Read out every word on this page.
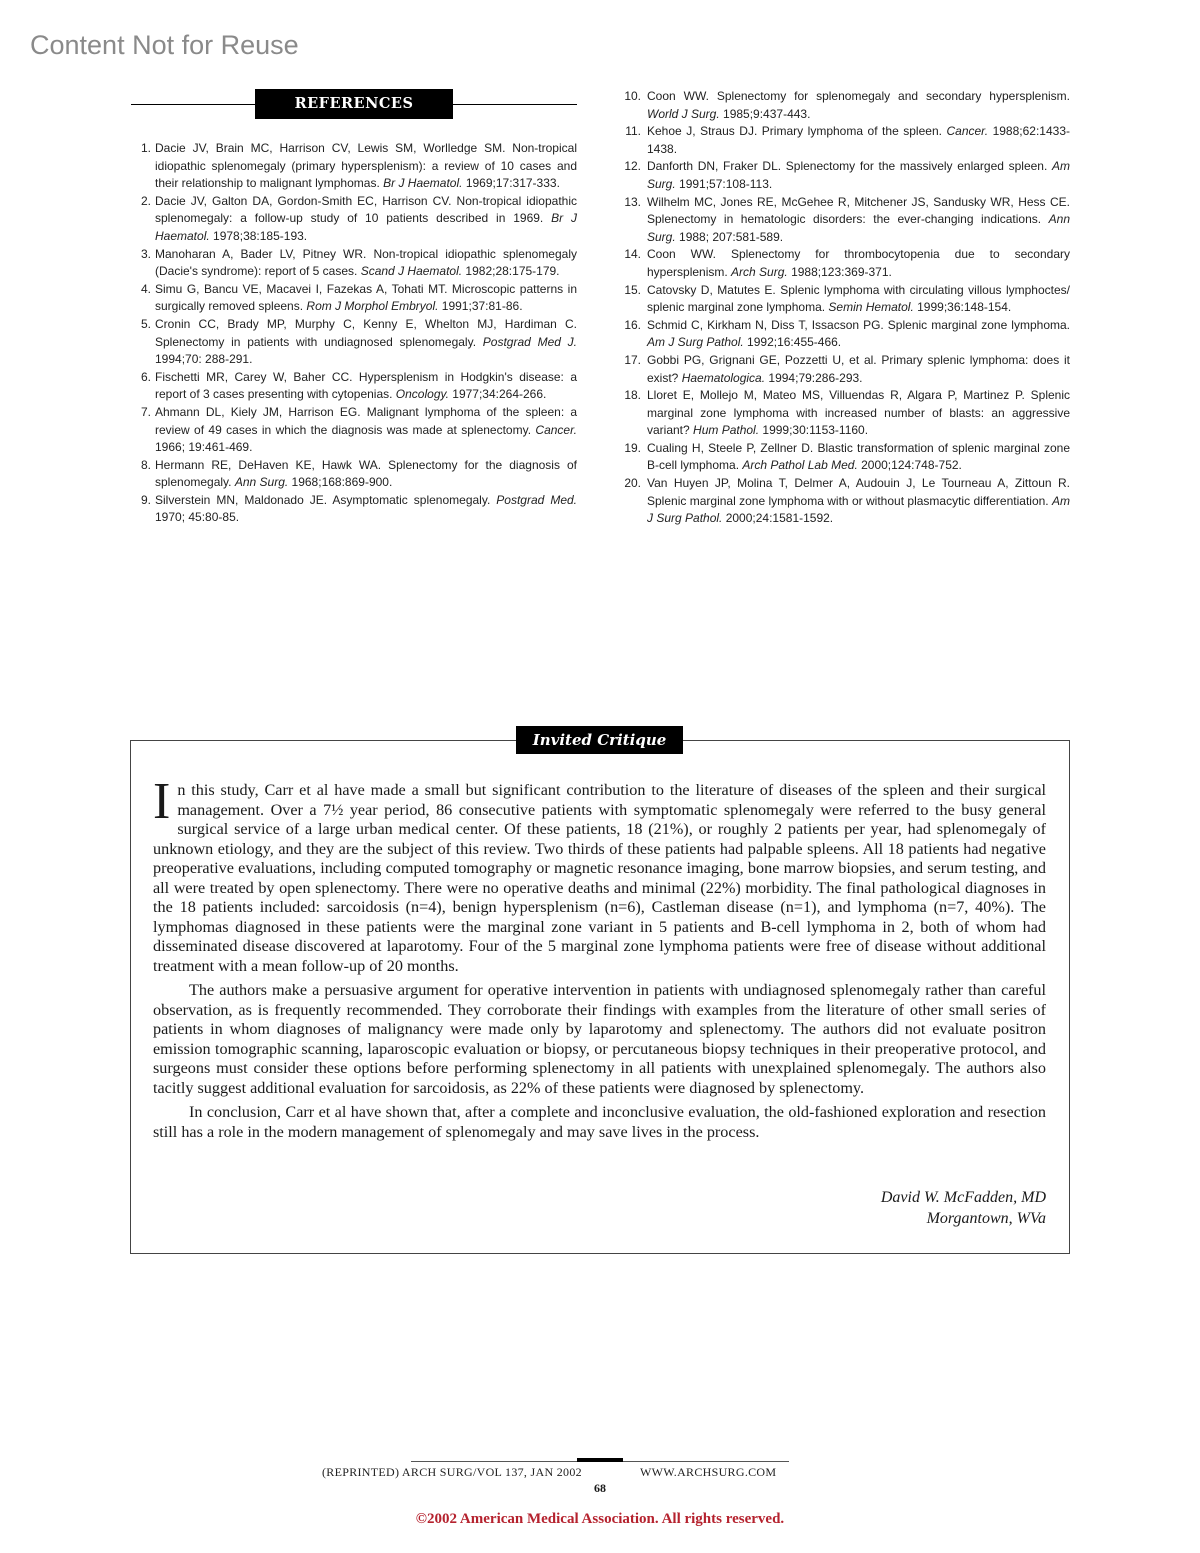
Content Not for Reuse
REFERENCES
1. Dacie JV, Brain MC, Harrison CV, Lewis SM, Worlledge SM. Non-tropical idiopathic splenomegaly (primary hypersplenism): a review of 10 cases and their relationship to malignant lymphomas. Br J Haematol. 1969;17:317-333.
2. Dacie JV, Galton DA, Gordon-Smith EC, Harrison CV. Non-tropical idiopathic splenomegaly: a follow-up study of 10 patients described in 1969. Br J Haematol. 1978;38:185-193.
3. Manoharan A, Bader LV, Pitney WR. Non-tropical idiopathic splenomegaly (Dacie's syndrome): report of 5 cases. Scand J Haematol. 1982;28:175-179.
4. Simu G, Bancu VE, Macavei I, Fazekas A, Tohati MT. Microscopic patterns in surgically removed spleens. Rom J Morphol Embryol. 1991;37:81-86.
5. Cronin CC, Brady MP, Murphy C, Kenny E, Whelton MJ, Hardiman C. Splenectomy in patients with undiagnosed splenomegaly. Postgrad Med J. 1994;70: 288-291.
6. Fischetti MR, Carey W, Baher CC. Hypersplenism in Hodgkin's disease: a report of 3 cases presenting with cytopenias. Oncology. 1977;34:264-266.
7. Ahmann DL, Kiely JM, Harrison EG. Malignant lymphoma of the spleen: a review of 49 cases in which the diagnosis was made at splenectomy. Cancer. 1966; 19:461-469.
8. Hermann RE, DeHaven KE, Hawk WA. Splenectomy for the diagnosis of splenomegaly. Ann Surg. 1968;168:869-900.
9. Silverstein MN, Maldonado JE. Asymptomatic splenomegaly. Postgrad Med. 1970; 45:80-85.
10. Coon WW. Splenectomy for splenomegaly and secondary hypersplenism. World J Surg. 1985;9:437-443.
11. Kehoe J, Straus DJ. Primary lymphoma of the spleen. Cancer. 1988;62:1433-1438.
12. Danforth DN, Fraker DL. Splenectomy for the massively enlarged spleen. Am Surg. 1991;57:108-113.
13. Wilhelm MC, Jones RE, McGehee R, Mitchener JS, Sandusky WR, Hess CE. Splenectomy in hematologic disorders: the ever-changing indications. Ann Surg. 1988; 207:581-589.
14. Coon WW. Splenectomy for thrombocytopenia due to secondary hypersplenism. Arch Surg. 1988;123:369-371.
15. Catovsky D, Matutes E. Splenic lymphoma with circulating villous lymphoctes/ splenic marginal zone lymphoma. Semin Hematol. 1999;36:148-154.
16. Schmid C, Kirkham N, Diss T, Issacson PG. Splenic marginal zone lymphoma. Am J Surg Pathol. 1992;16:455-466.
17. Gobbi PG, Grignani GE, Pozzetti U, et al. Primary splenic lymphoma: does it exist? Haematologica. 1994;79:286-293.
18. Lloret E, Mollejo M, Mateo MS, Villuendas R, Algara P, Martinez P. Splenic marginal zone lymphoma with increased number of blasts: an aggressive variant? Hum Pathol. 1999;30:1153-1160.
19. Cualing H, Steele P, Zellner D. Blastic transformation of splenic marginal zone B-cell lymphoma. Arch Pathol Lab Med. 2000;124:748-752.
20. Van Huyen JP, Molina T, Delmer A, Audouin J, Le Tourneau A, Zittoun R. Splenic marginal zone lymphoma with or without plasmacytic differentiation. Am J Surg Pathol. 2000;24:1581-1592.
Invited Critique

In this study, Carr et al have made a small but significant contribution to the literature of diseases of the spleen and their surgical management. Over a 7½ year period, 86 consecutive patients with symptomatic splenomegaly were referred to the busy general surgical service of a large urban medical center. Of these patients, 18 (21%), or roughly 2 patients per year, had splenomegaly of unknown etiology, and they are the subject of this review. Two thirds of these patients had palpable spleens. All 18 patients had negative preoperative evaluations, including computed tomography or magnetic resonance imaging, bone marrow biopsies, and serum testing, and all were treated by open splenectomy. There were no operative deaths and minimal (22%) morbidity. The final pathological diagnoses in the 18 patients included: sarcoidosis (n=4), benign hypersplenism (n=6), Castleman disease (n=1), and lymphoma (n=7, 40%). The lymphomas diagnosed in these patients were the marginal zone variant in 5 patients and B-cell lymphoma in 2, both of whom had disseminated disease discovered at laparotomy. Four of the 5 marginal zone lymphoma patients were free of disease without additional treatment with a mean follow-up of 20 months.

The authors make a persuasive argument for operative intervention in patients with undiagnosed splenomegaly rather than careful observation, as is frequently recommended. They corroborate their findings with examples from the literature of other small series of patients in whom diagnoses of malignancy were made only by laparotomy and splenectomy. The authors did not evaluate positron emission tomographic scanning, laparoscopic evaluation or biopsy, or percutaneous biopsy techniques in their preoperative protocol, and surgeons must consider these options before performing splenectomy in all patients with unexplained splenomegaly. The authors also tacitly suggest additional evaluation for sarcoidosis, as 22% of these patients were diagnosed by splenectomy.

In conclusion, Carr et al have shown that, after a complete and inconclusive evaluation, the old-fashioned exploration and resection still has a role in the modern management of splenomegaly and may save lives in the process.

David W. McFadden, MD
Morgantown, WVa
(REPRINTED) ARCH SURG/VOL 137, JAN 2002	WWW.ARCHSURG.COM
68
©2002 American Medical Association. All rights reserved.
